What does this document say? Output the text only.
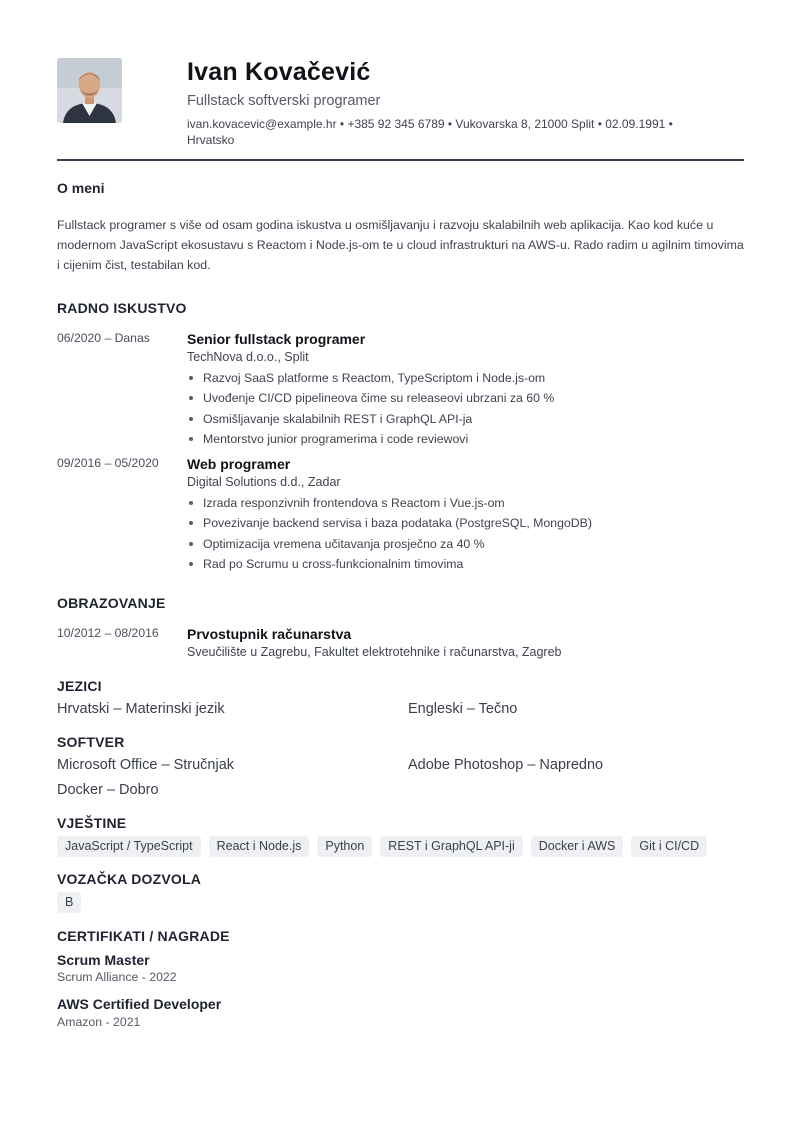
Ivan Kovačević
Fullstack softverski programer
ivan.kovacevic@example.hr • +385 92 345 6789 • Vukovarska 8, 21000 Split • 02.09.1991 •
Hrvatsko
O meni
Fullstack programer s više od osam godina iskustva u osmišljavanju i razvoju skalabilnih web aplikacija. Kao kod kuće u modernom JavaScript ekosustavu s Reactom i Node.js-om te u cloud infrastrukturi na AWS-u. Rado radim u agilnim timovima i cijenim čist, testabilan kod.
RADNO ISKUSTVO
06/2020 – Danas	Senior fullstack programer
TechNova d.o.o., Split
Razvoj SaaS platforme s Reactom, TypeScriptom i Node.js-om
Uvođenje CI/CD pipelineova čime su releaseovi ubrzani za 60 %
Osmišljavanje skalabilnih REST i GraphQL API-ja
Mentorstvo junior programerima i code reviewovi
09/2016 – 05/2020 Web programer
Digital Solutions d.d., Zadar
Izrada responzivnih frontendova s Reactom i Vue.js-om
Povezivanje backend servisa i baza podataka (PostgreSQL, MongoDB)
Optimizacija vremena učitavanja prosječno za 40 %
Rad po Scrumu u cross-funkcionalnim timovima
OBRAZOVANJE
10/2012 – 08/2016 Prvostupnik računarstva
Sveučilište u Zagrebu, Fakultet elektrotehnike i računarstva, Zagreb
JEZICI
Hrvatski – Materinski jezik	Engleski – Tečno
SOFTVER
Microsoft Office – Stručnjak	Adobe Photoshop – Napredno
Docker – Dobro
VJEŠTINE
JavaScript / TypeScript	React i Node.js	Python	REST i GraphQL API-ji	Docker i AWS	Git i CI/CD
VOZAČKA DOZVOLA
B
CERTIFIKATI / NAGRADE
Scrum Master
Scrum Alliance - 2022
AWS Certified Developer
Amazon - 2021
